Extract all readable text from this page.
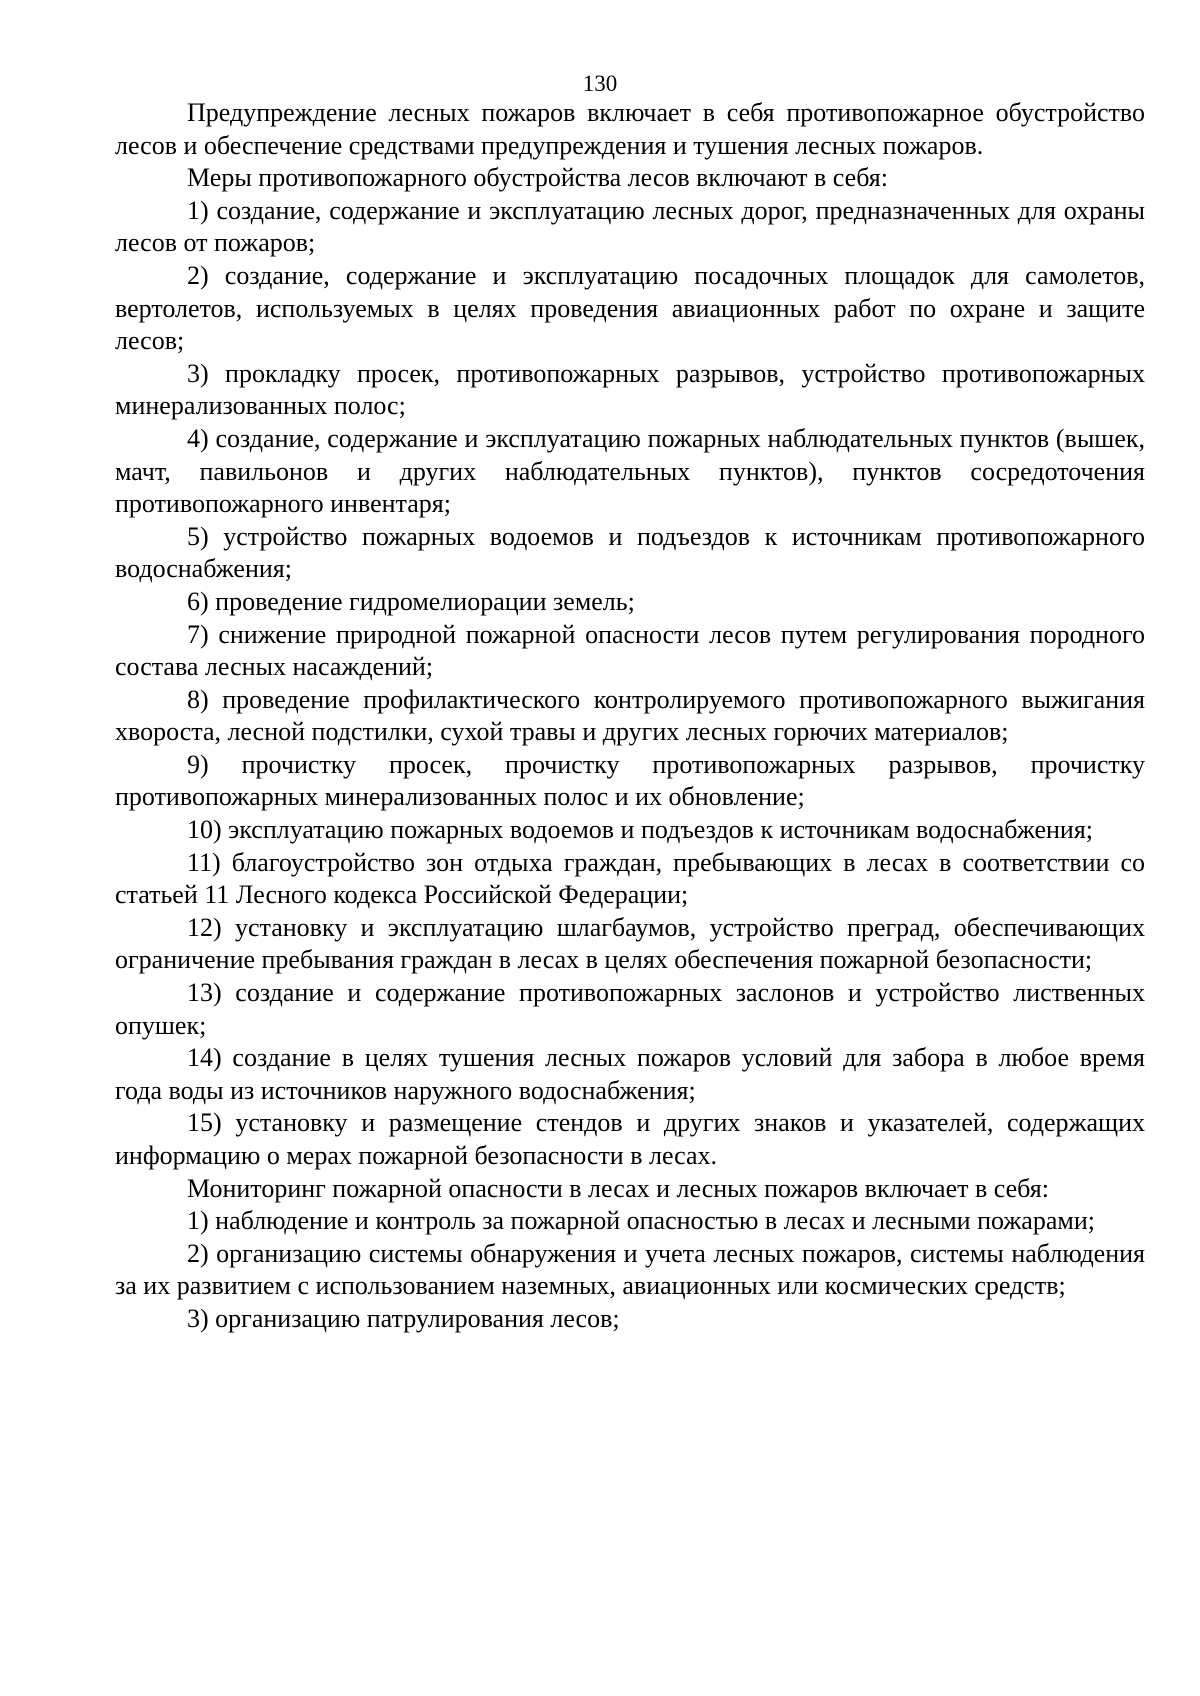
130

Предупреждение лесных пожаров включает в себя противопожарное обустройство лесов и обеспечение средствами предупреждения и тушения лесных пожаров.

Меры противопожарного обустройства лесов включают в себя:

1) создание, содержание и эксплуатацию лесных дорог, предназначенных для охраны лесов от пожаров;

2) создание, содержание и эксплуатацию посадочных площадок для самолетов, вертолетов, используемых в целях проведения авиационных работ по охране и защите лесов;

3) прокладку просек, противопожарных разрывов, устройство противопожарных минерализованных полос;

4) создание, содержание и эксплуатацию пожарных наблюдательных пунктов (вышек, мачт, павильонов и других наблюдательных пунктов), пунктов сосредоточения противопожарного инвентаря;

5) устройство пожарных водоемов и подъездов к источникам противопожарного водоснабжения;

6) проведение гидромелиорации земель;

7) снижение природной пожарной опасности лесов путем регулирования породного состава лесных насаждений;

8) проведение профилактического контролируемого противопожарного выжигания хвороста, лесной подстилки, сухой травы и других лесных горючих материалов;

9) прочистку просек, прочистку противопожарных разрывов, прочистку противопожарных минерализованных полос и их обновление;

10) эксплуатацию пожарных водоемов и подъездов к источникам водоснабжения;

11) благоустройство зон отдыха граждан, пребывающих в лесах в соответствии со статьей 11 Лесного кодекса Российской Федерации;

12) установку и эксплуатацию шлагбаумов, устройство преград, обеспечивающих ограничение пребывания граждан в лесах в целях обеспечения пожарной безопасности;

13) создание и содержание противопожарных заслонов и устройство лиственных опушек;

14) создание в целях тушения лесных пожаров условий для забора в любое время года воды из источников наружного водоснабжения;

15) установку и размещение стендов и других знаков и указателей, содержащих информацию о мерах пожарной безопасности в лесах.

Мониторинг пожарной опасности в лесах и лесных пожаров включает в себя:

1) наблюдение и контроль за пожарной опасностью в лесах и лесными пожарами;

2) организацию системы обнаружения и учета лесных пожаров, системы наблюдения за их развитием с использованием наземных, авиационных или космических средств;

3) организацию патрулирования лесов;
